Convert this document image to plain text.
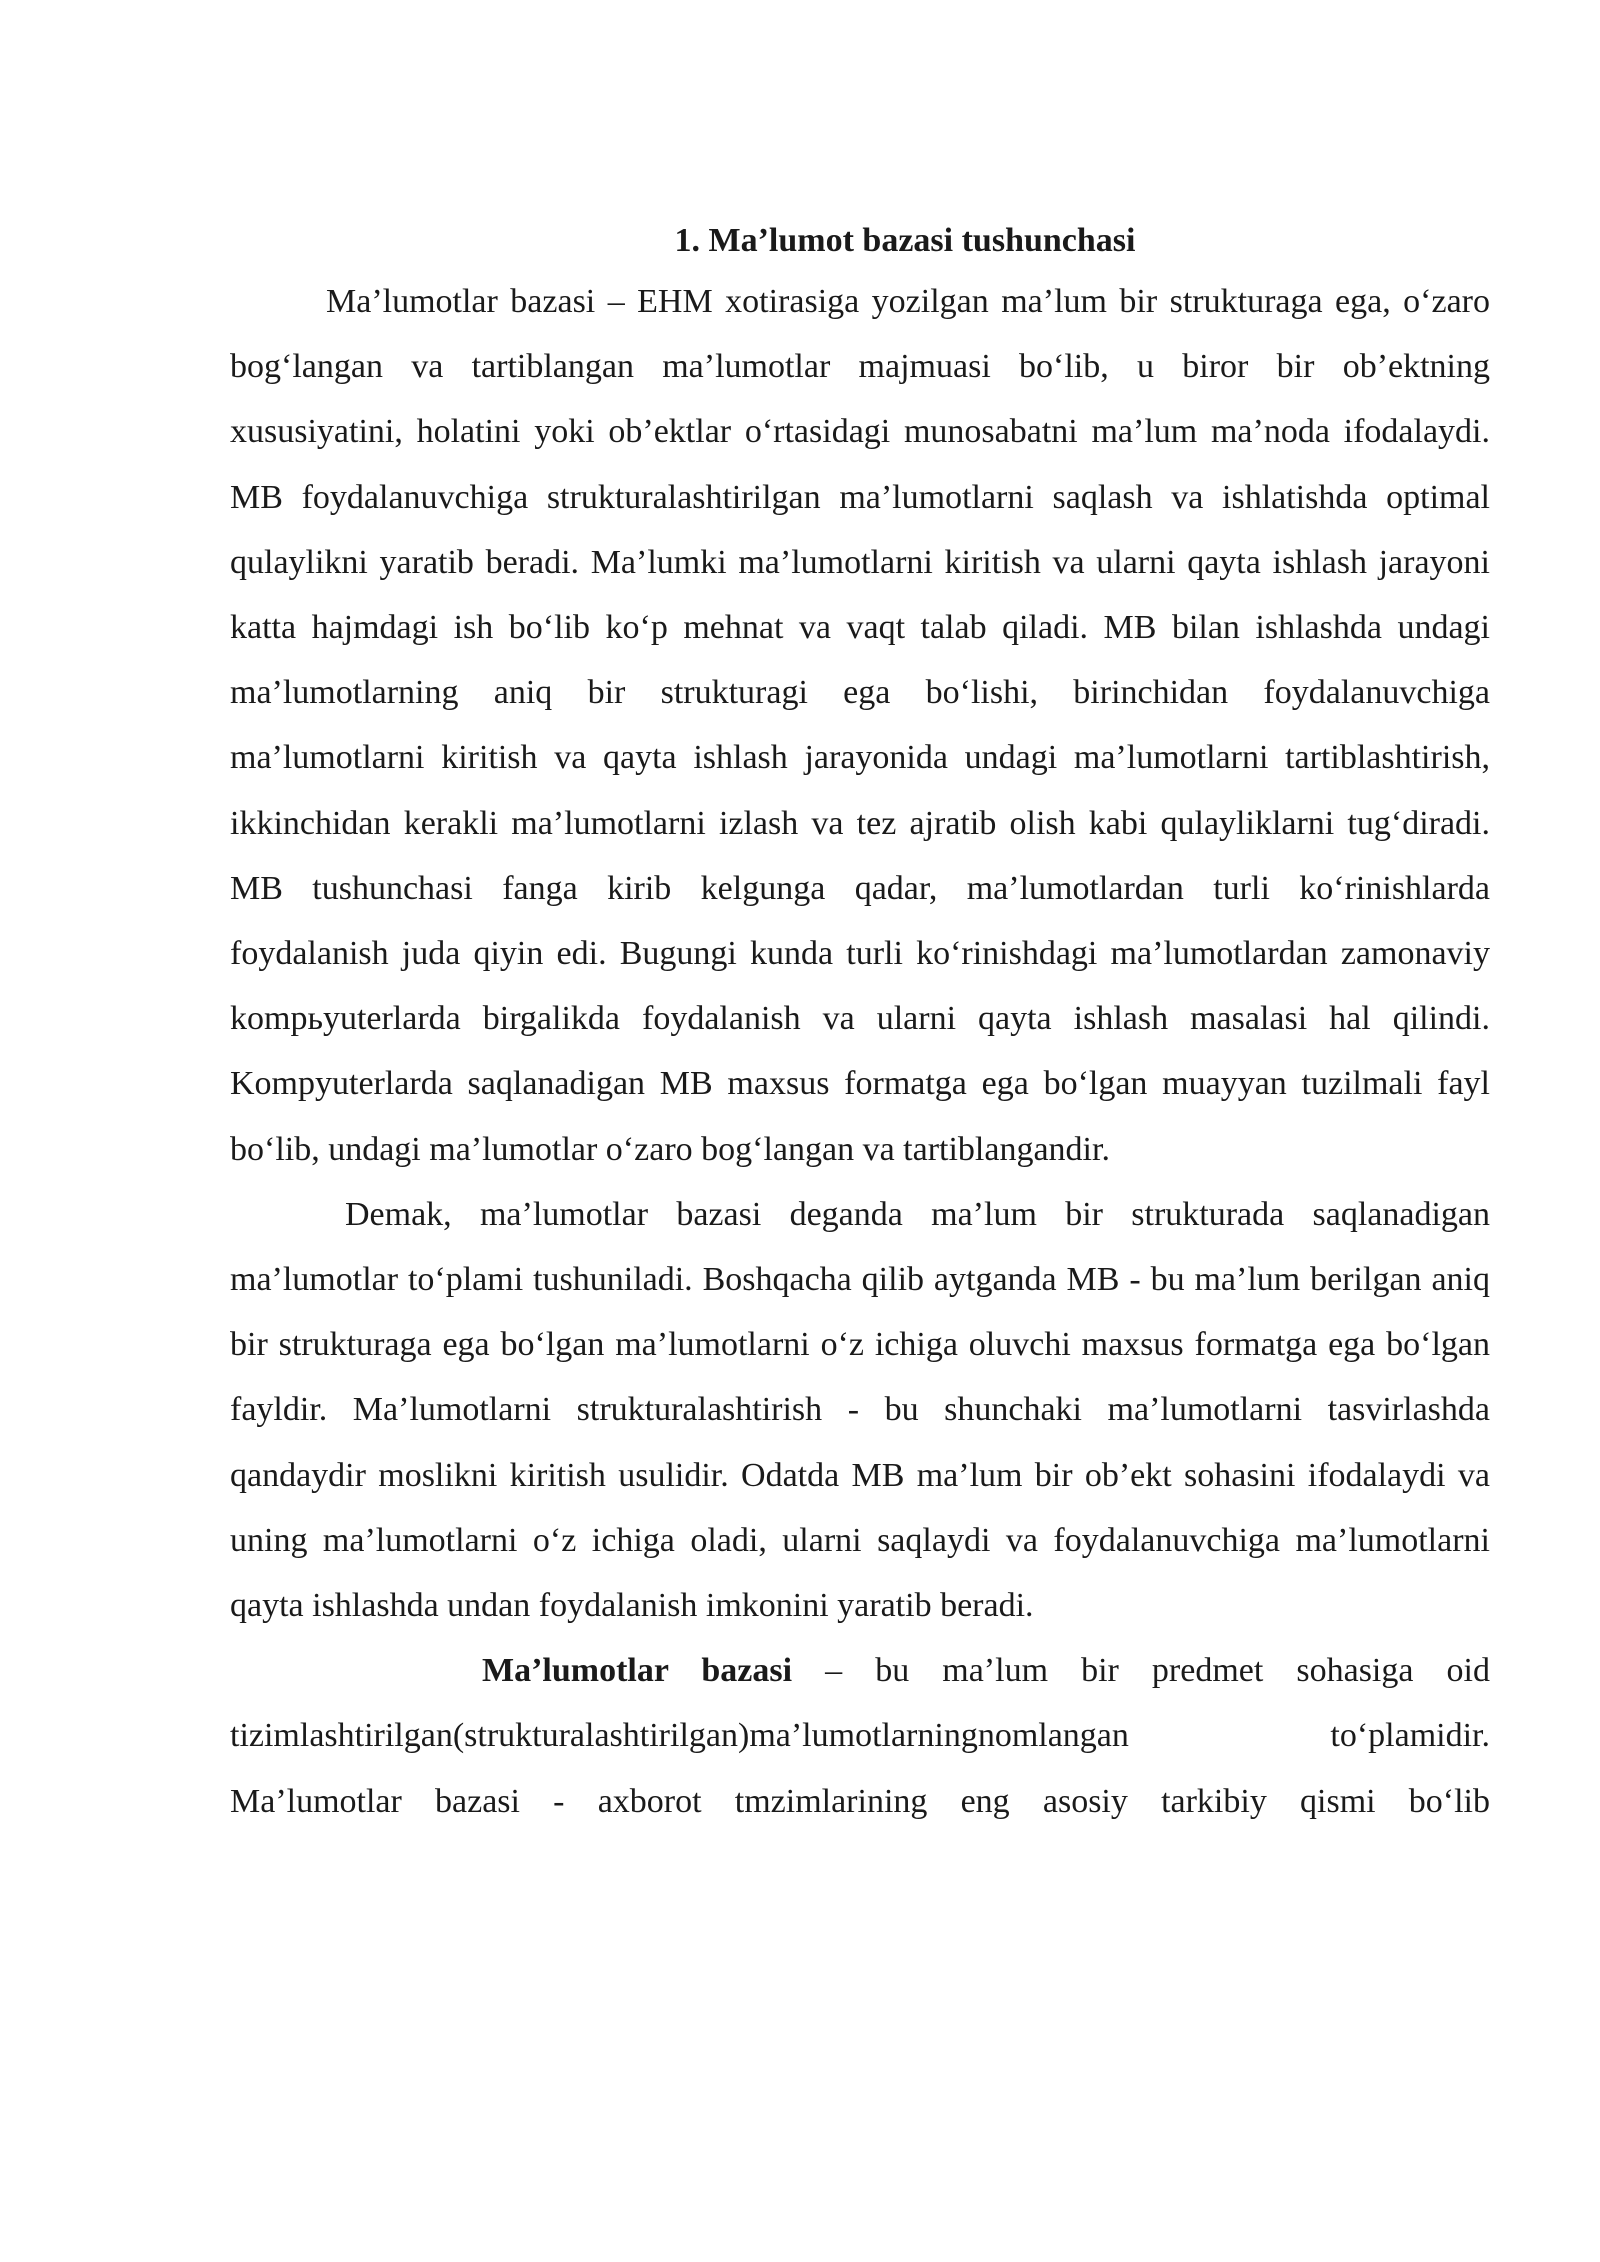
1. Ma’lumot bazasi tushunchasi

Ma’lumotlar bazasi – EHM xotirasiga yozilgan ma’lum bir strukturaga ega, o‘zaro bog‘langan va tartiblangan ma’lumotlar majmuasi bo‘lib, u biror bir ob’ektning xususiyatini, holatini yoki ob’ektlar o‘rtasidagi munosabatni ma’lum ma’noda ifodalaydi. MB foydalanuvchiga strukturalashtirilgan ma’lumotlarni saqlash va ishlatishda optimal qulaylikni yaratib beradi. Ma’lumki ma’lumotlarni kiritish va ularni qayta ishlash jarayoni katta hajmdagi ish bo‘lib ko‘p mehnat va vaqt talab qiladi. MB bilan ishlashda undagi ma’lumotlarning aniq bir strukturagi ega bo‘lishi, birinchidan foydalanuvchiga ma’lumotlarni kiritish va qayta ishlash jarayonida undagi ma’lumotlarni tartiblashtirish, ikkinchidan kerakli ma’lumotlarni izlash va tez ajratib olish kabi qulayliklarni tug‘diradi. MB tushunchasi fanga kirib kelgunga qadar, ma’lumotlardan turli ko‘rinishlarda foydalanish juda qiyin edi. Bugungi kunda turli ko‘rinishdagi ma’lumotlardan zamonaviy kompьyuterlarda birgalikda foydalanish va ularni qayta ishlash masalasi hal qilindi. Kompyuterlarda saqlanadigan MB maxsus formatga ega bo‘lgan muayyan tuzilmali fayl bo‘lib, undagi ma’lumotlar o‘zaro bog‘langan va tartiblangandir.

Demak, ma’lumotlar bazasi deganda ma’lum bir strukturada saqlanadigan ma’lumotlar to‘plami tushuniladi. Boshqacha qilib aytganda MB - bu ma’lum berilgan aniq bir strukturaga ega bo‘lgan ma’lumotlarni o‘z ichiga oluvchi maxsus formatga ega bo‘lgan fayldir. Ma’lumotlarni strukturalashtirish - bu shunchaki ma’lumotlarni tasvirlashda qandaydir moslikni kiritish usulidir. Odatda MB ma’lum bir ob’ekt sohasini ifodalaydi va uning ma’lumotlarni o‘z ichiga oladi, ularni saqlaydi va foydalanuvchiga ma’lumotlarni qayta ishlashda undan foydalanish imkonini yaratib beradi.

Ma’lumotlar bazasi – bu ma’lum bir predmet sohasiga oid
tizimlashtirilgan(strukturalashtirilgan)ma’lumotlarningnomlangan to‘plamidir.
Ma’lumotlar bazasi - axborot tmzimlarining eng asosiy tarkibiy qismi bo‘lib
